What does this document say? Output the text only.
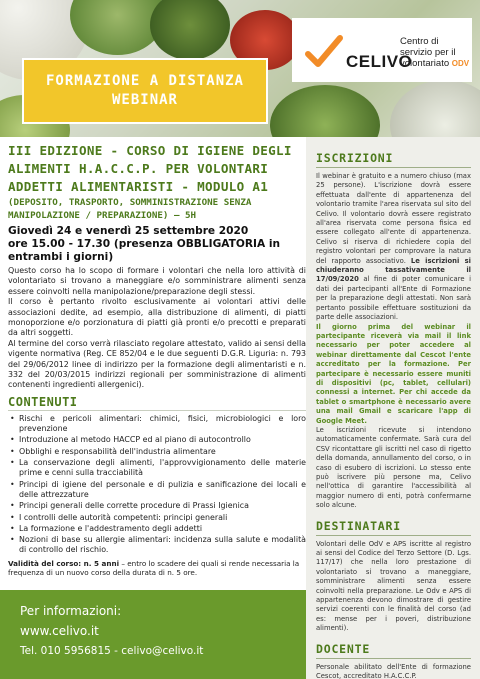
FORMAZIONE A DISTANZA
WEBINAR
CELIVO
Centro di
servizio per il
volontariato ODV
III EDIZIONE - CORSO DI IGIENE DEGLI
ALIMENTI H.A.C.C.P. PER VOLONTARI
ADDETTI ALIMENTARISTI - MODULO A1
(DEPOSITO, TRASPORTO, SOMMINISTRAZIONE SENZA
MANIPOLAZIONE / PREPARAZIONE) – 5H
Giovedì 24 e venerdì 25 settembre 2020
ore 15.00 - 17.30 (presenza OBBLIGATORIA in
entrambi i giorni)

Questo corso ha lo scopo di formare i volontari che nella loro attività di volontariato si trovano a maneggiare e/o somministrare alimenti senza essere coinvolti nella manipolazione/preparazione degli stessi.

Il corso è pertanto rivolto esclusivamente ai volontari attivi delle associazioni dedite, ad esempio, alla distribuzione di alimenti, di piatti monoporzione e/o porzionatura di piatti già pronti e/o precotti e preparati da altri soggetti.

Al termine del corso verrà rilasciato regolare attestato, valido ai sensi della vigente normativa (Reg. CE 852/04 e le due seguenti D.G.R. Liguria: n. 793 del 29/06/2012 linee di indirizzo per la formazione degli alimentaristi e n. 332 del 20/03/2015 indirizzi regionali per somministrazione di alimenti contenenti ingredienti allergenici).

CONTENUTI
• Rischi e pericoli alimentari: chimici, fisici, microbiologici e loro prevenzione
• Introduzione al metodo HACCP ed al piano di autocontrollo
• Obblighi e responsabilità dell'industria alimentare
• La conservazione degli alimenti, l'approvvigionamento delle materie prime e cenni sulla tracciabilità
• Principi di igiene del personale e di pulizia e sanificazione dei locali e delle attrezzature
• Principi generali delle corrette procedure di Prassi Igienica
• I controlli delle autorità competenti: principi generali
• La formazione e l'addestramento degli addetti
• Nozioni di base su allergie alimentari: incidenza sulla salute e modalità di controllo del rischio.

Validità del corso: n. 5 anni – entro lo scadere dei quali si rende necessaria la frequenza di un nuovo corso della durata di n. 5 ore.

Per informazioni:
www.celivo.it
Tel. 010 5956815 - celivo@celivo.it
ISCRIZIONI

Il webinar è gratuito e a numero chiuso (max 25 persone). L'iscrizione dovrà essere effettuata dall'ente di appartenenza del volontario tramite l'area riservata sul sito del Celivo. Il volontario dovrà essere registrato all'area riservata come persona fisica ed essere collegato all'ente di appartenenza. Celivo si riserva di richiedere copia del registro volontari per comprovare la natura del rapporto associativo. Le iscrizioni si chiuderanno tassativamente il 17/09/2020 al fine di poter comunicare i dati dei partecipanti all'Ente di Formazione per la preparazione degli attestati. Non sarà pertanto possibile effettuare sostituzioni da parte delle associazioni.

Il giorno prima del webinar il partecipante riceverà via mail il link necessario per poter accedere al webinar direttamente dal Cescot l'ente accreditato per la formazione. Per partecipare è necessario essere muniti di dispositivi (pc, tablet, cellulari) connessi a internet. Per chi accede da tablet o smartphone è necessario avere una mail Gmail e scaricare l'app di Google Meet.

Le iscrizioni ricevute si intendono automaticamente confermate. Sarà cura del CSV ricontattare gli iscritti nel caso di rigetto della domanda, annullamento del corso, o in caso di esubero di iscrizioni. Lo stesso ente può iscrivere più persone ma, Celivo nell'ottica di garantire l'accessibilità al maggior numero di enti, potrà confermarne solo alcune.

DESTINATARI

Volontari delle OdV e APS iscritte al registro ai sensi del Codice del Terzo Settore (D. Lgs. 117/17) che nella loro prestazione di volontariato si trovano a maneggiare, somministrare alimenti senza essere coinvolti nella preparazione. Le Odv e APS di appartenenza devono dimostrare di gestire servizi coerenti con le finalità del corso (ad es: mense per i poveri, distribuzione alimenti).

DOCENTE

Personale abilitato dell'Ente di formazione Cescot, accreditato H.A.C.C.P.
